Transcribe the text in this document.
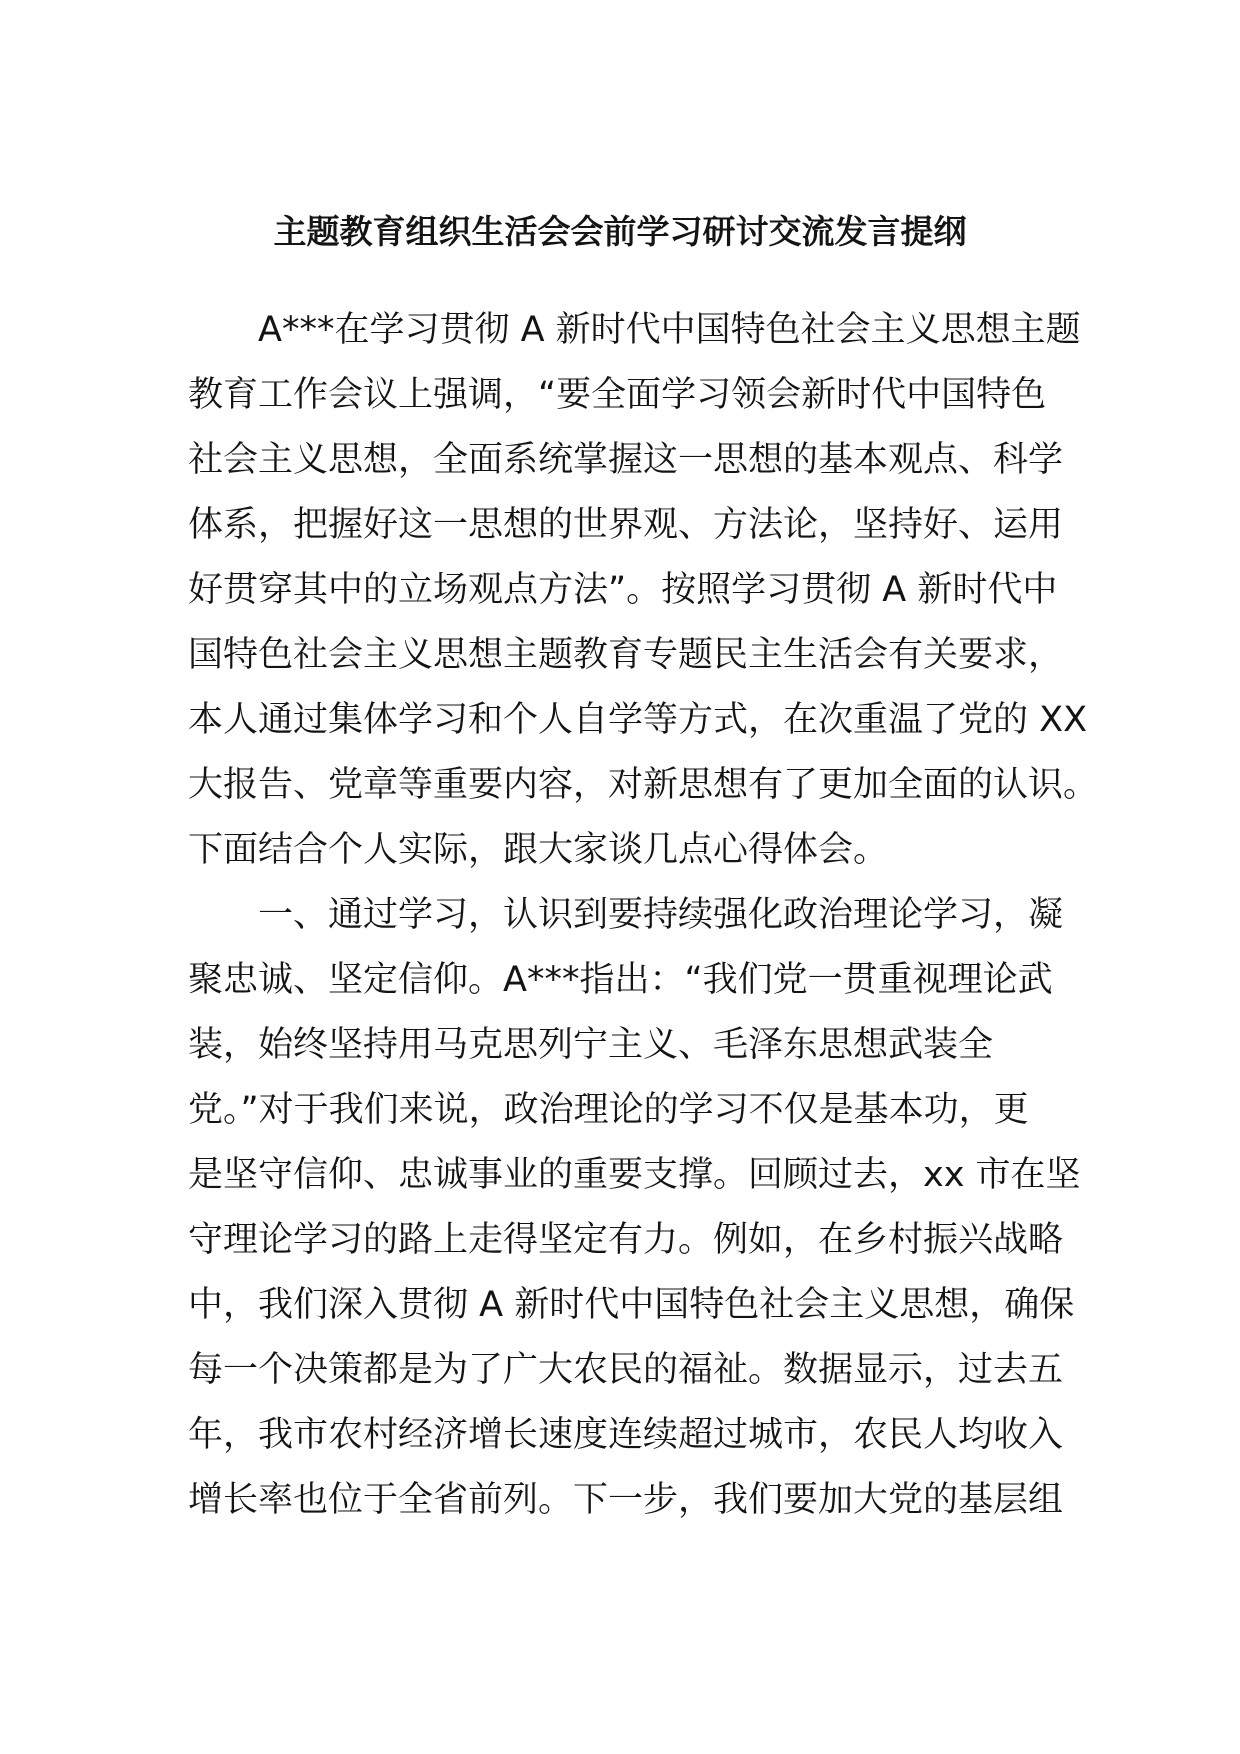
主题教育组织生活会会前学习研讨交流发言提纲

A***在学习贯彻 A 新时代中国特色社会主义思想主题
教育工作会议上强调，“要全面学习领会新时代中国特色
社会主义思想，全面系统掌握这一思想的基本观点、科学
体系，把握好这一思想的世界观、方法论，坚持好、运用
好贯穿其中的立场观点方法”。按照学习贯彻 A 新时代中
国特色社会主义思想主题教育专题民主生活会有关要求，
本人通过集体学习和个人自学等方式，在次重温了党的 XX
大报告、党章等重要内容，对新思想有了更加全面的认识。
下面结合个人实际，跟大家谈几点心得体会。

一、通过学习，认识到要持续强化政治理论学习，凝
聚忠诚、坚定信仰。A***指出：“我们党一贯重视理论武
装，始终坚持用马克思列宁主义、毛泽东思想武装全
党。”对于我们来说，政治理论的学习不仅是基本功，更
是坚守信仰、忠诚事业的重要支撑。回顾过去，xx 市在坚
守理论学习的路上走得坚定有力。例如，在乡村振兴战略
中，我们深入贯彻 A 新时代中国特色社会主义思想，确保
每一个决策都是为了广大农民的福祉。数据显示，过去五
年，我市农村经济增长速度连续超过城市，农民人均收入
增长率也位于全省前列。下一步，我们要加大党的基层组
